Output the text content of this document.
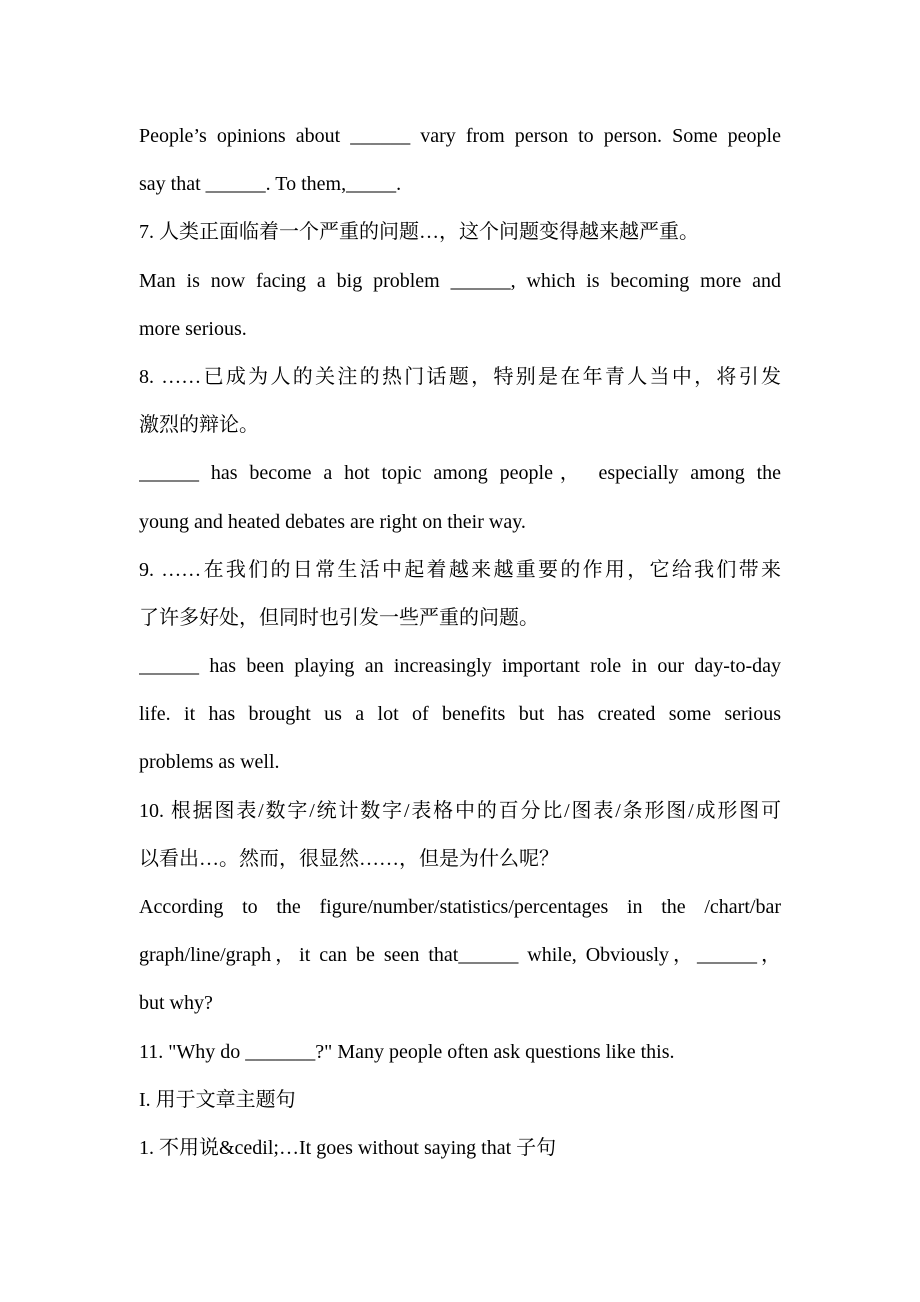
People’s opinions about ______ vary from person to person. Some people
say that ______. To them,_____.
7. 人类正面临着一个严重的问题…，这个问题变得越来越严重。
Man is now facing a big problem ______, which is becoming more and
more serious.
8. ……已成为人的关注的热门话题，特别是在年青人当中，将引发
激烈的辩论。
______ has become a hot topic among people， especially among the
young and heated debates are right on their way.
9. ……在我们的日常生活中起着越来越重要的作用，它给我们带来
了许多好处，但同时也引发一些严重的问题。
______ has been playing an increasingly important role in our day-to-day
life. it has brought us a lot of benefits but has created some serious
problems as well.
10. 根据图表/数字/统计数字/表格中的百分比/图表/条形图/成形图可
以看出…。然而，很显然……，但是为什么呢？
According to the figure/number/statistics/percentages in the /chart/bar
graph/line/graph，it can be seen that______ while, Obviously，______，
but why?
11. "Why do _______?" Many people often ask questions like this.
I. 用于文章主题句
1. 不用说&cedil;…It goes without saying that 子句
